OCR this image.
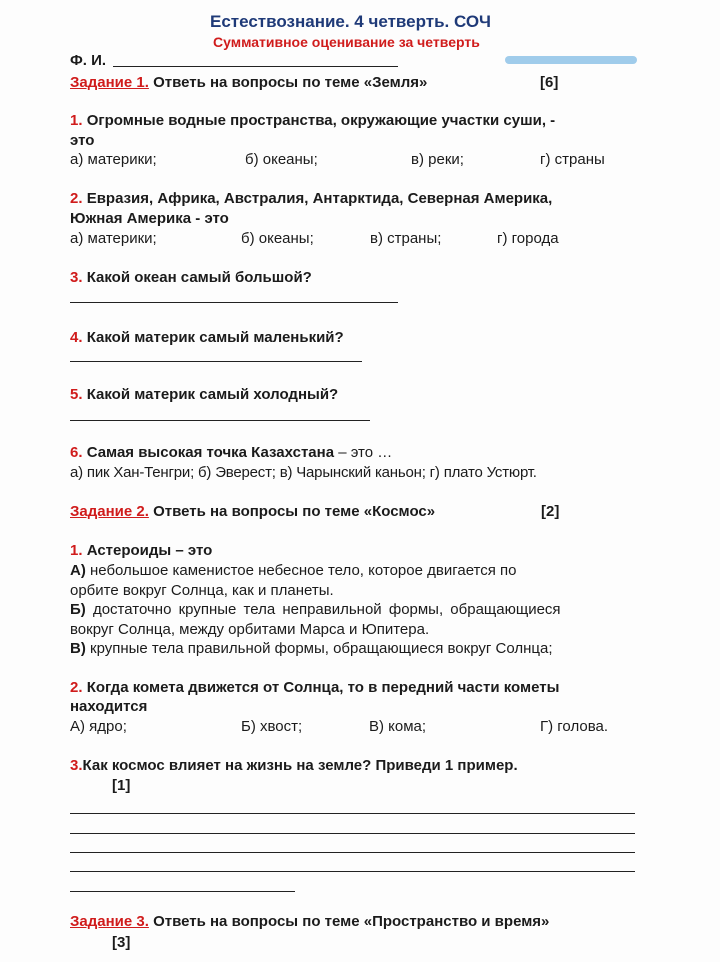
Естествознание. 4 четверть. СОЧ
Суммативное оценивание за четверть
Ф. И.
Задание 1. Ответь на вопросы по теме «Земля»	[6]
1. Огромные водные пространства, окружающие участки суши, -
это
а) материки;	б) океаны;	в) реки;	г) страны
2. Евразия, Африка, Австралия, Антарктида, Северная Америка,
Южная Америка - это
а) материки;	б) океаны;	в) страны;	г) города
3. Какой океан самый большой?
4. Какой материк самый маленький?
5. Какой материк самый холодный?
6. Самая высокая точка Казахстана – это …
а) пик Хан-Тенгри; б) Эверест; в) Чарынский каньон; г) плато Устюрт.
Задание 2. Ответь на вопросы по теме «Космос»	[2]
1. Астероиды – это
А) небольшое каменистое небесное тело, которое двигается по
орбите вокруг Солнца, как и планеты.
Б) достаточно крупные тела неправильной формы, обращающиеся
вокруг Солнца, между орбитами Марса и Юпитера.
В) крупные тела правильной формы, обращающиеся вокруг Солнца;
2. Когда комета движется от Солнца, то в передний части кометы
находится
А) ядро;	Б) хвост;	В) кома;	Г) голова.
3.Как космос влияет на жизнь на земле? Приведи 1 пример.
[1]
Задание 3. Ответь на вопросы по теме «Пространство и время»
[3]
